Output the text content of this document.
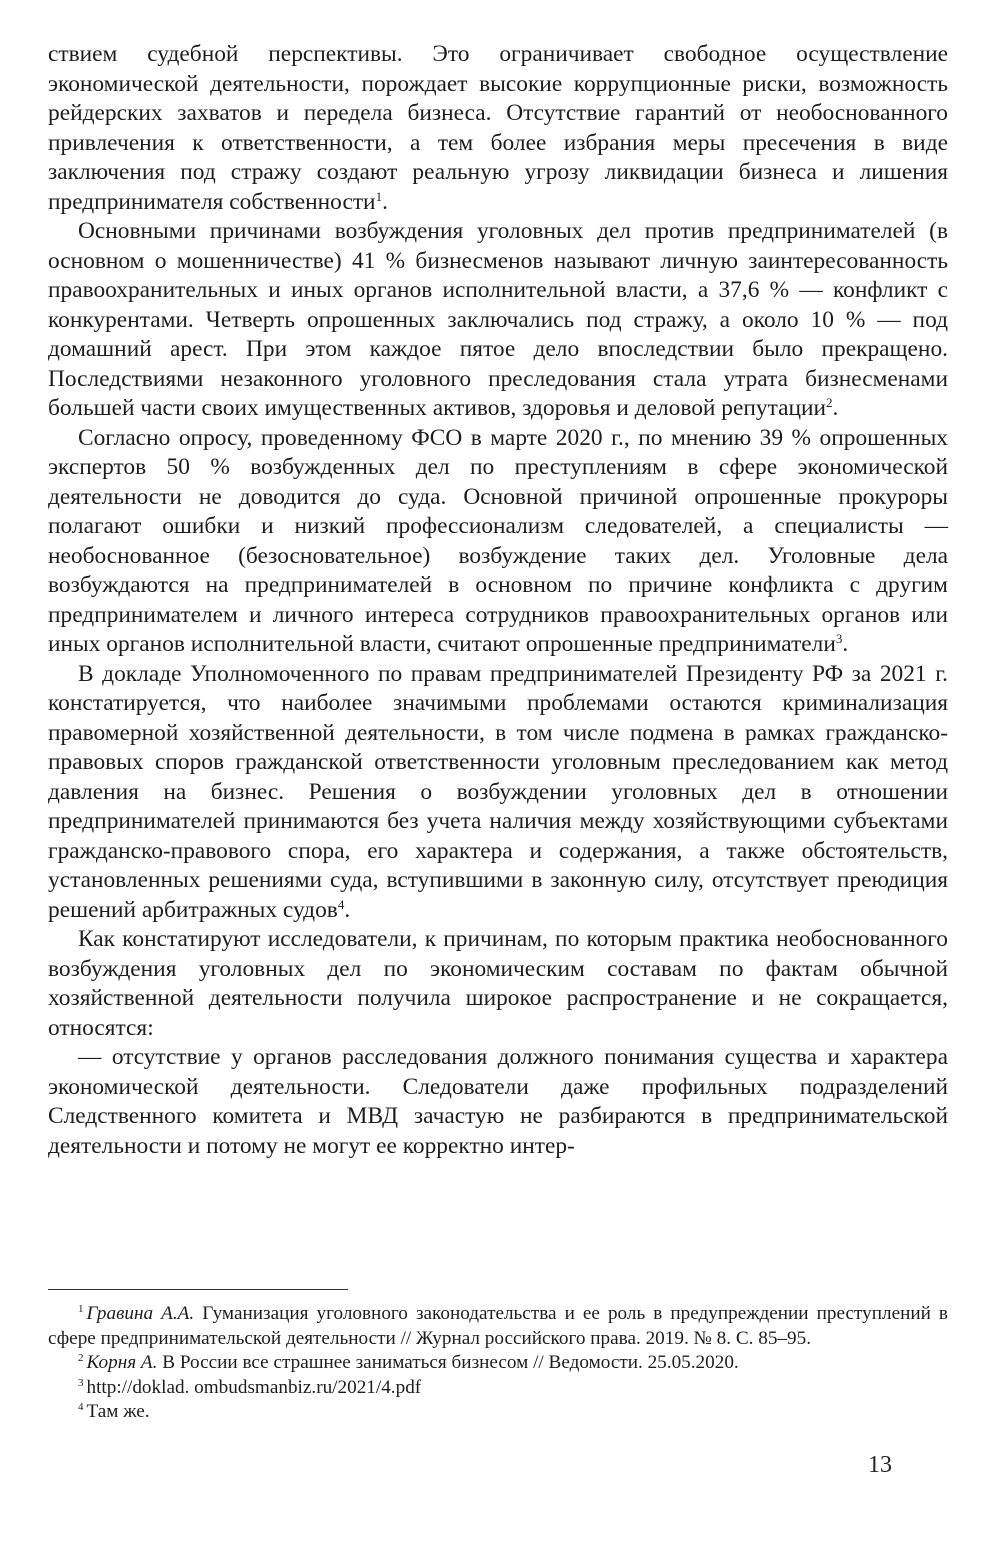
ствием судебной перспективы. Это ограничивает свободное осуществление экономической деятельности, порождает высокие коррупционные риски, возможность рейдерских захватов и передела бизнеса. Отсутствие гарантий от необоснованного привлечения к ответственности, а тем более избрания меры пресечения в виде заключения под стражу создают реальную угрозу ликвидации бизнеса и лишения предпринимателя собственности$^1$.

Основными причинами возбуждения уголовных дел против предпринимателей (в основном о мошенничестве) 41 % бизнесменов называют личную заинтересованность правоохранительных и иных органов исполнительной власти, а 37,6 % — конфликт с конкурентами. Четверть опрошенных заключались под стражу, а около 10 % — под домашний арест. При этом каждое пятое дело впоследствии было прекращено. Последствиями незаконного уголовного преследования стала утрата бизнесменами большей части своих имущественных активов, здоровья и деловой репутации$^2$.

Согласно опросу, проведенному ФСО в марте 2020 г., по мнению 39 % опрошенных экспертов 50 % возбужденных дел по преступлениям в сфере экономической деятельности не доводится до суда. Основной причиной опрошенные прокуроры полагают ошибки и низкий профессионализм следователей, а специалисты — необоснованное (безосновательное) возбуждение таких дел. Уголовные дела возбуждаются на предпринимателей в основном по причине конфликта с другим предпринимателем и личного интереса сотрудников правоохранительных органов или иных органов исполнительной власти, считают опрошенные предприниматели$^3$.

В докладе Уполномоченного по правам предпринимателей Президенту РФ за 2021 г. констатируется, что наиболее значимыми проблемами остаются криминализация правомерной хозяйственной деятельности, в том числе подмена в рамках гражданско-правовых споров гражданской ответственности уголовным преследованием как метод давления на бизнес. Решения о возбуждении уголовных дел в отношении предпринимателей принимаются без учета наличия между хозяйствующими субъектами гражданско-правового спора, его характера и содержания, а также обстоятельств, установленных решениями суда, вступившими в законную силу, отсутствует преюдиция решений арбитражных судов$^4$.

Как констатируют исследователи, к причинам, по которым практика необоснованного возбуждения уголовных дел по экономическим составам по фактам обычной хозяйственной деятельности получила широкое распространение и не сокращается, относятся:

— отсутствие у органов расследования должного понимания существа и характера экономической деятельности. Следователи даже профильных подразделений Следственного комитета и МВД зачастую не разбираются в предпринимательской деятельности и потому не могут ее корректно интер-

$^1$ Гравина А.А. Гуманизация уголовного законодательства и ее роль в предупреждении преступлений в сфере предпринимательской деятельности // Журнал российского права. 2019. № 8. С. 85–95.

$^2$ Корня А. В России все страшнее заниматься бизнесом // Ведомости. 25.05.2020.

$^3$ http://doklad. ombudsmanbiz.ru/2021/4.pdf

$^4$ Там же.

13
